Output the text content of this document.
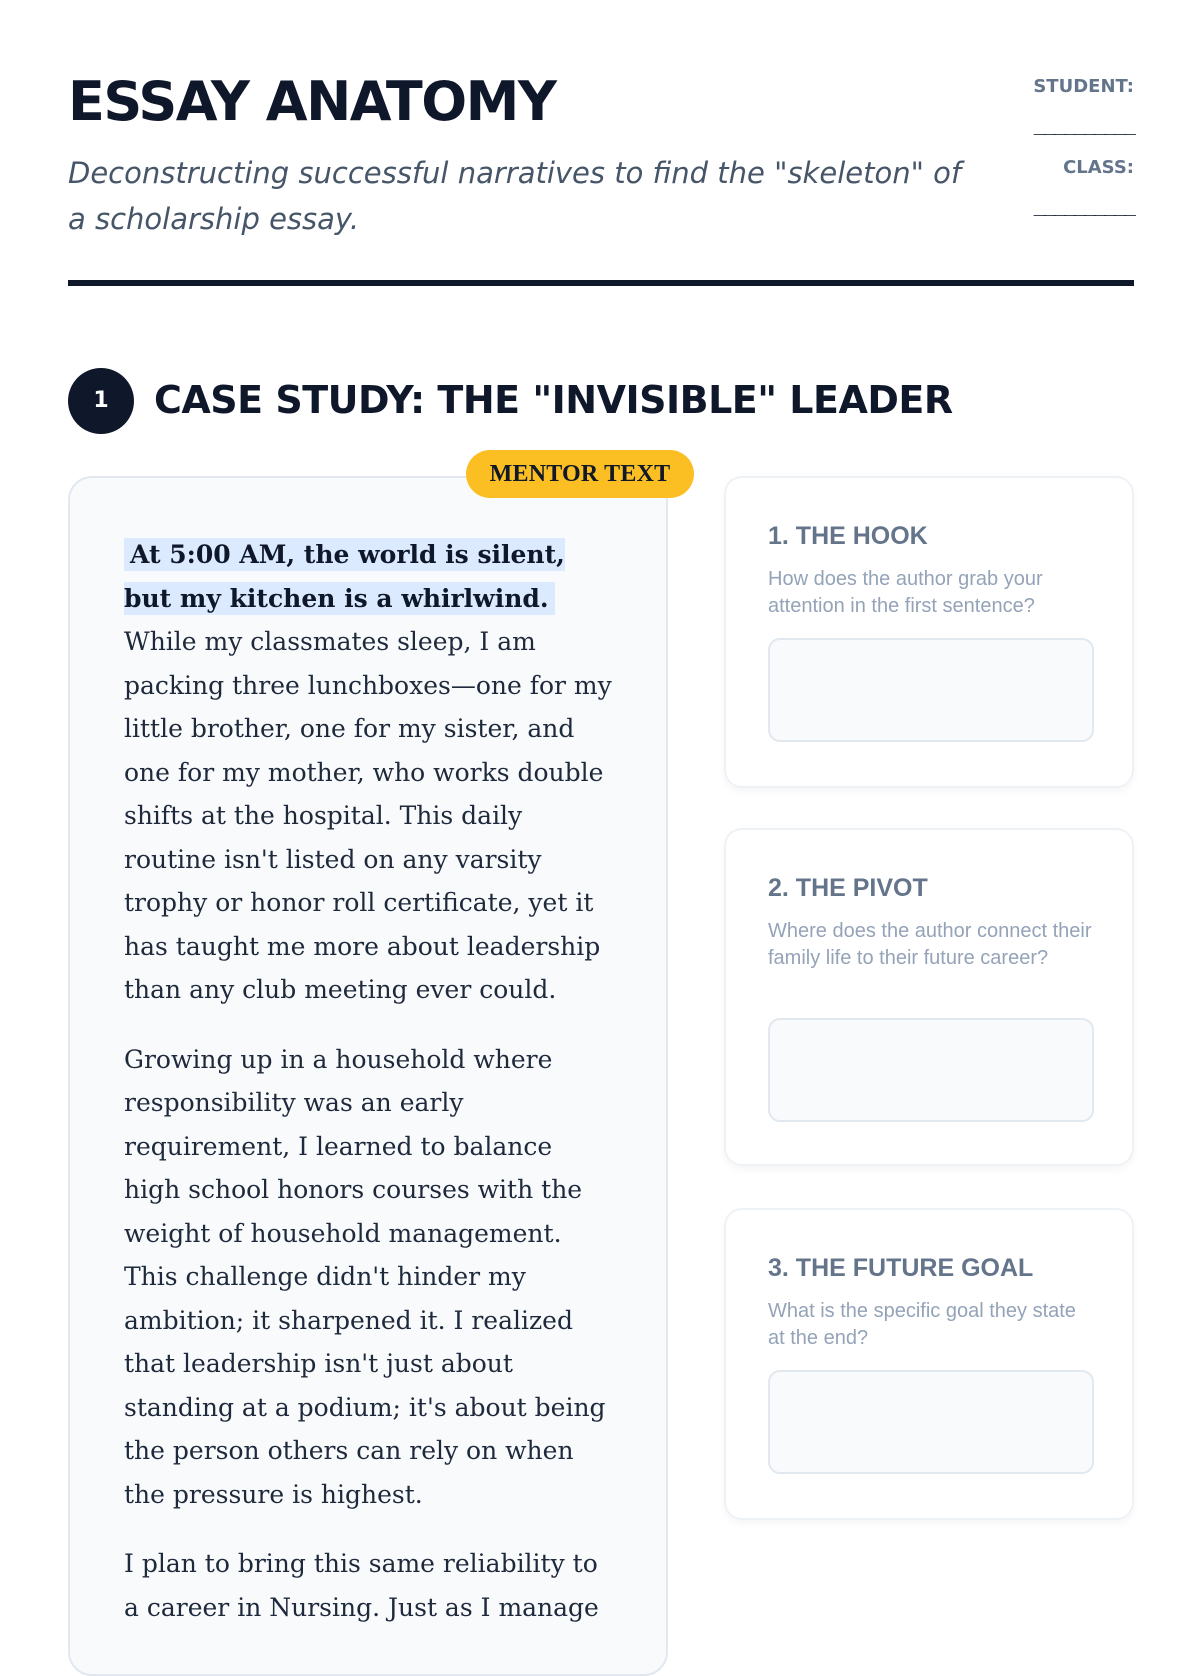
ESSAY ANATOMY

Deconstructing successful narratives to find the "skeleton" of a scholarship essay.

STUDENT:
__________
CLASS:
__________
1	CASE STUDY: THE "INVISIBLE" LEADER

At 5:00 AM, the world is silent, but my kitchen is a whirlwind. While my classmates sleep, I am packing three lunchboxes—one for my little brother, one for my sister, and one for my mother, who works double shifts at the hospital. This daily routine isn't listed on any varsity trophy or honor roll certificate, yet it has taught me more about leadership than any club meeting ever could.

Growing up in a household where responsibility was an early requirement, I learned to balance high school honors courses with the weight of household management. This challenge didn't hinder my ambition; it sharpened it. I realized that leadership isn't just about standing at a podium; it's about being the person others can rely on when the pressure is highest.

I plan to bring this same reliability to a career in Nursing. Just as I manage

MENTOR TEXT
1. THE HOOK

How does the author grab your attention in the first sentence?

2. THE PIVOT

Where does the author connect their family life to their future career?

3. THE FUTURE GOAL

What is the specific goal they state at the end?
